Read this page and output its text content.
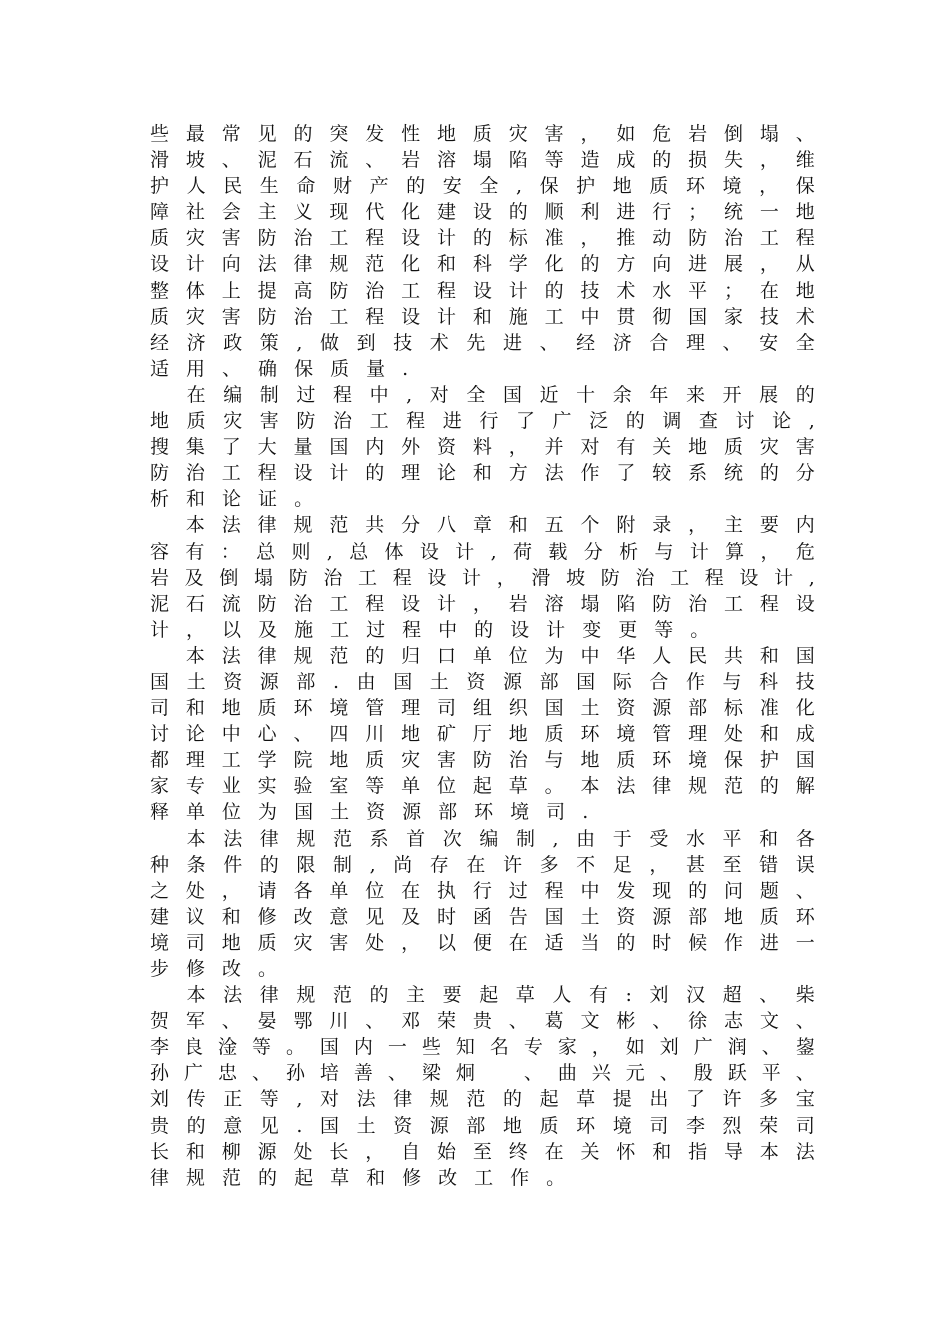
些 最 常 见 的 突 发 性 地 质 灾 害 ， 如 危 岩 倒 塌 、
滑 坡 、 泥 石 流 、 岩 溶 塌 陷 等 造 成 的 损 失 ， 维
护 人 民 生 命 财 产 的 安 全 , 保 护 地 质 环 境 ， 保
障 社 会 主 义 现 代 化 建 设 的 顺 利 进 行 ； 统 一 地
质 灾 害 防 治 工 程 设 计 的 标 准 ， 推 动 防 治 工 程
设 计 向 法 律 规 范 化 和 科 学 化 的 方 向 进 展 ， 从
整 体 上 提 高 防 治 工 程 设 计 的 技 术 水 平 ； 在 地
质 灾 害 防 治 工 程 设 计 和 施 工 中 贯 彻 国 家 技 术
经 济 政 策 , 做 到 技 术 先 进 、 经 济 合 理 、 安 全
适 用 、 确 保 质 量 .

在 编 制 过 程 中 , 对 全 国 近 十 余 年 来 开 展 的
地 质 灾 害 防 治 工 程 进 行 了 广 泛 的 调 查 讨 论 ,
搜 集 了 大 量 国 内 外 资 料 ， 并 对 有 关 地 质 灾 害
防 治 工 程 设 计 的 理 论 和 方 法 作 了 较 系 统 的 分
析 和 论 证 。

本 法 律 规 范 共 分 八 章 和 五 个 附 录 ， 主 要 内
容 有 ： 总 则 , 总 体 设 计 , 荷 载 分 析 与 计 算 ， 危
岩 及 倒 塌 防 治 工 程 设 计 ， 滑 坡 防 治 工 程 设 计 ,
泥 石 流 防 治 工 程 设 计 ， 岩 溶 塌 陷 防 治 工 程 设
计 ， 以 及 施 工 过 程 中 的 设 计 变 更 等 。

本 法 律 规 范 的 归 口 单 位 为 中 华 人 民 共 和 国
国 土 资 源 部 . 由 国 土 资 源 部 国 际 合 作 与 科 技
司 和 地 质 环 境 管 理 司 组 织 国 土 资 源 部 标 准 化
讨 论 中 心 、 四 川 地 矿 厅 地 质 环 境 管 理 处 和 成
都 理 工 学 院 地 质 灾 害 防 治 与 地 质 环 境 保 护 国
家 专 业 实 验 室 等 单 位 起 草 。 本 法 律 规 范 的 解
释 单 位 为 国 土 资 源 部 环 境 司 .

本 法 律 规 范 系 首 次 编 制 , 由 于 受 水 平 和 各
种 条 件 的 限 制 , 尚 存 在 许 多 不 足 ， 甚 至 错 误
之 处 ， 请 各 单 位 在 执 行 过 程 中 发 现 的 问 题 、
建 议 和 修 改 意 见 及 时 函 告 国 土 资 源 部 地 质 环
境 司 地 质 灾 害 处 ， 以 便 在 适 当 的 时 候 作 进 一
步 修 改 。

本 法 律 规 范 的 主 要 起 草 人 有 : 刘 汉 超 、 柴
贺 军 、 晏 鄂 川 、 邓 荣 贵 、 葛 文 彬 、 徐 志 文 、
李 良 淦 等 。 国 内 一 些 知 名 专 家 ， 如 刘 广 润 、 鋆
孙 广 忠 、 孙 培 善 、 梁 炯
　	、 曲 兴 元 、 殷 跃 平 、
刘 传 正 等 , 对 法 律 规 范 的 起 草 提 出 了 许 多 宝
贵 的 意 见 . 国 土 资 源 部 地 质 环 境 司 李 烈 荣 司
长 和 柳 源 处 长 ， 自 始 至 终 在 关 怀 和 指 导 本 法
律 规 范 的 起 草 和 修 改 工 作 。
